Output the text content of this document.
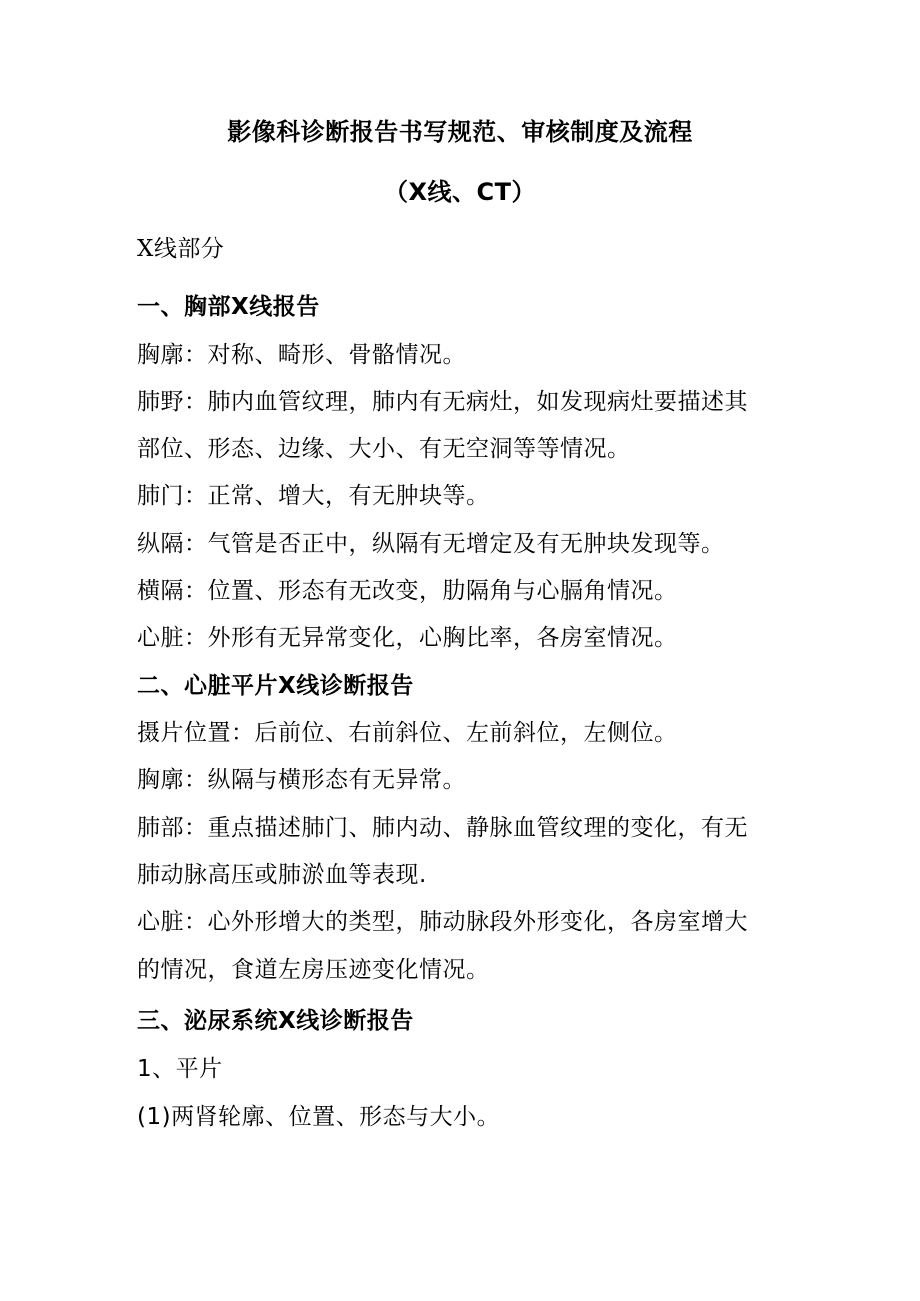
影像科诊断报告书写规范、审核制度及流程
（X线、CT）
X线部分
一、胸部X线报告
胸廓：对称、畸形、骨骼情况。
肺野：肺内血管纹理，肺内有无病灶，如发现病灶要描述其
部位、形态、边缘、大小、有无空洞等等情况。
肺门：正常、增大，有无肿块等。
纵隔：气管是否正中，纵隔有无增定及有无肿块发现等。
横隔：位置、形态有无改变，肋隔角与心膈角情况。
心脏：外形有无异常变化，心胸比率，各房室情况。
二、心脏平片X线诊断报告
摄片位置：后前位、右前斜位、左前斜位，左侧位。
胸廓：纵隔与横形态有无异常。
肺部：重点描述肺门、肺内动、静脉血管纹理的变化，有无
肺动脉高压或肺淤血等表现.
心脏：心外形增大的类型，肺动脉段外形变化，各房室增大
的情况，食道左房压迹变化情况。
三、泌尿系统X线诊断报告
1、平片
(1)两肾轮廓、位置、形态与大小。
